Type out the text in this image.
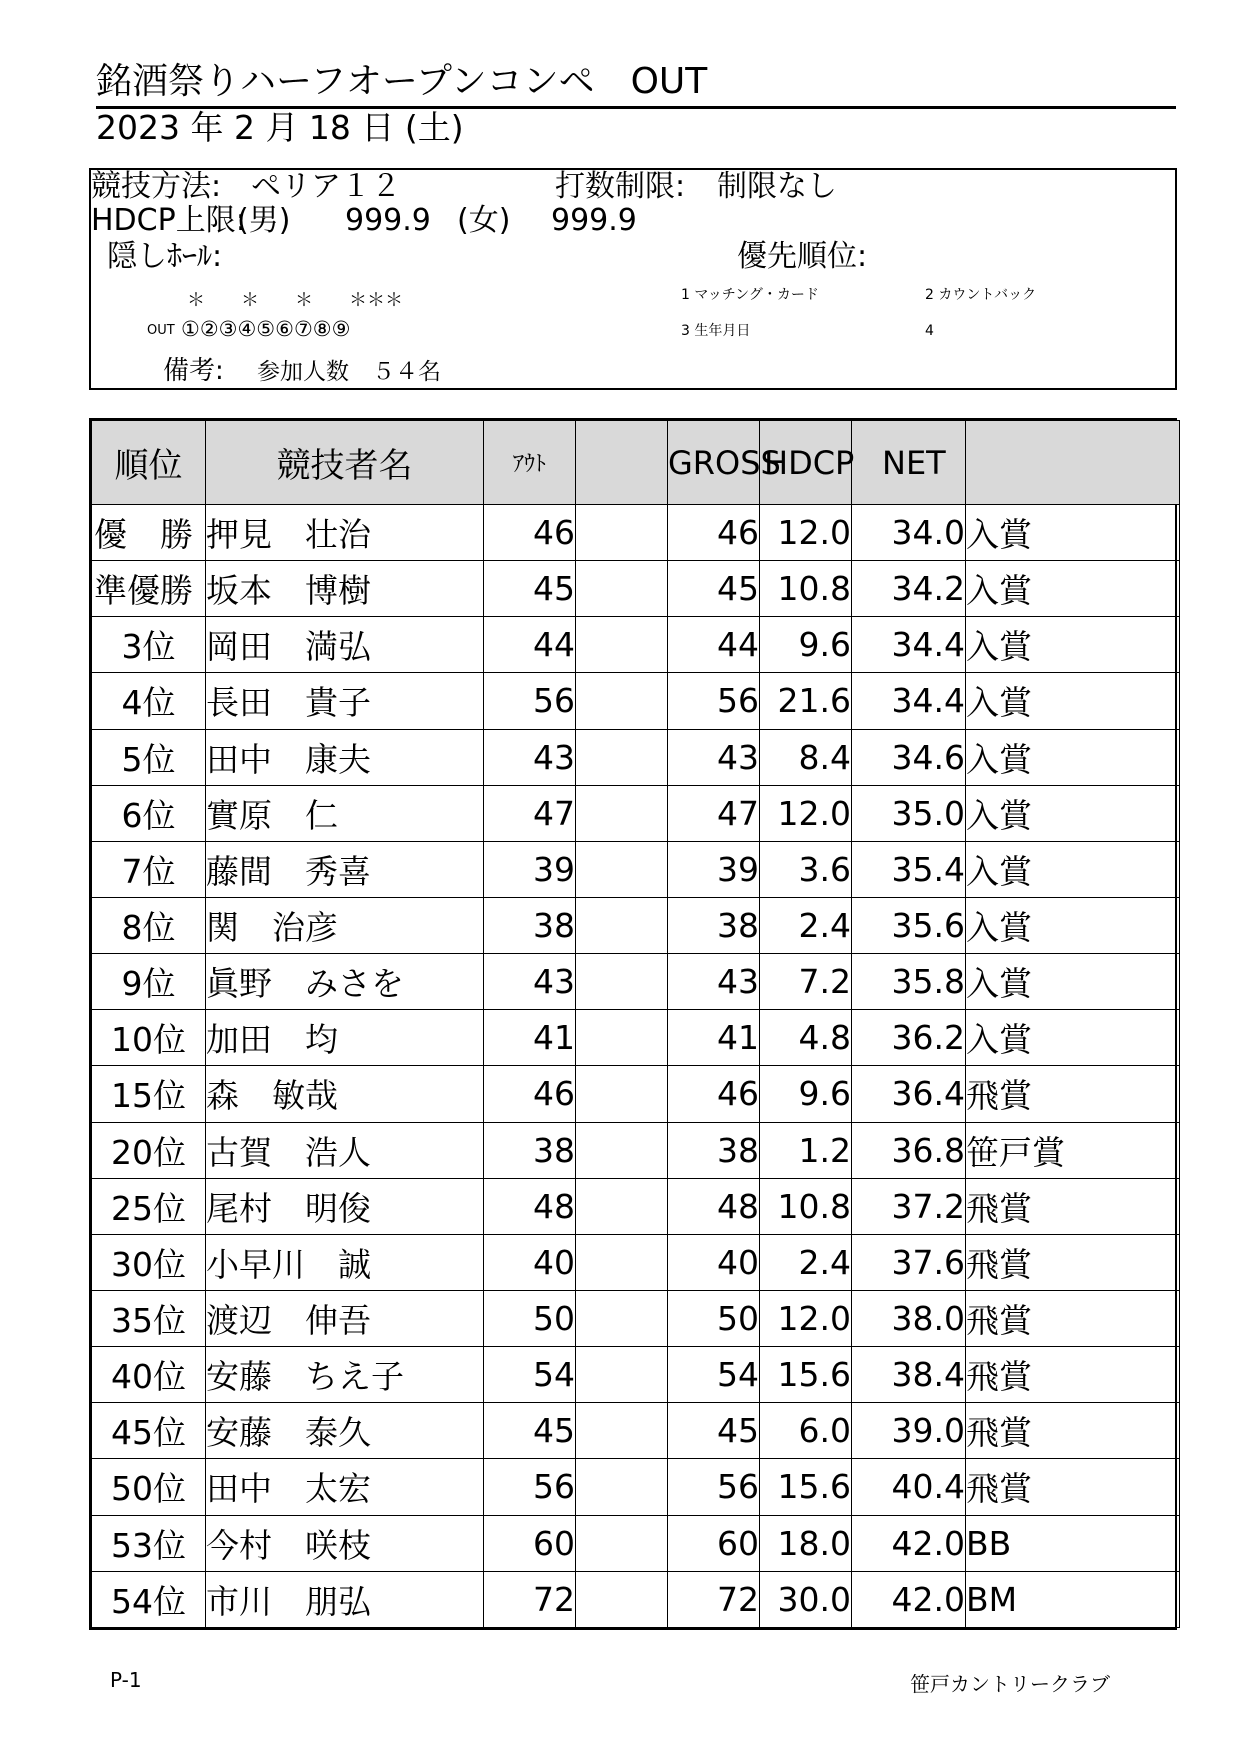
銘酒祭りハーフオープンコンペ　OUT
2023 年 2 月 18 日 (土)
競技方法: ペリア１２	打数制限: 制限なし
HDCP上限:
(男) 999.9 (女) 999.9
隠しﾎｰﾙ:	優先順位:
＊　　＊　　＊　　＊＊＊	1 マッチング・カード	2 カウントバック
OUT ①②③④⑤⑥⑦⑧⑨	3 生年月日	4
備考: 参加人数　５４名
順位	競技者名	ｱｳﾄ		GROSS	HDCP	NET	
優　勝	押見　壮治	46		46	12.0	34.0	入賞
準優勝	坂本　博樹	45		45	10.8	34.2	入賞
3位	岡田　満弘	44		44	9.6	34.4	入賞
4位	長田　貴子	56		56	21.6	34.4	入賞
5位	田中　康夫	43		43	8.4	34.6	入賞
6位	實原　仁	47		47	12.0	35.0	入賞
7位	藤間　秀喜	39		39	3.6	35.4	入賞
8位	関　治彦	38		38	2.4	35.6	入賞
9位	眞野　みさを	43		43	7.2	35.8	入賞
10位	加田　均	41		41	4.8	36.2	入賞
15位	森　敏哉	46		46	9.6	36.4	飛賞
20位	古賀　浩人	38		38	1.2	36.8	笹戸賞
25位	尾村　明俊	48		48	10.8	37.2	飛賞
30位	小早川　誠	40		40	2.4	37.6	飛賞
35位	渡辺　伸吾	50		50	12.0	38.0	飛賞
40位	安藤　ちえ子	54		54	15.6	38.4	飛賞
45位	安藤　泰久	45		45	6.0	39.0	飛賞
50位	田中　太宏	56		56	15.6	40.4	飛賞
53位	今村　咲枝	60		60	18.0	42.0	BB
54位	市川　朋弘	72		72	30.0	42.0	BM
P-1	笹戸カントリークラブ
